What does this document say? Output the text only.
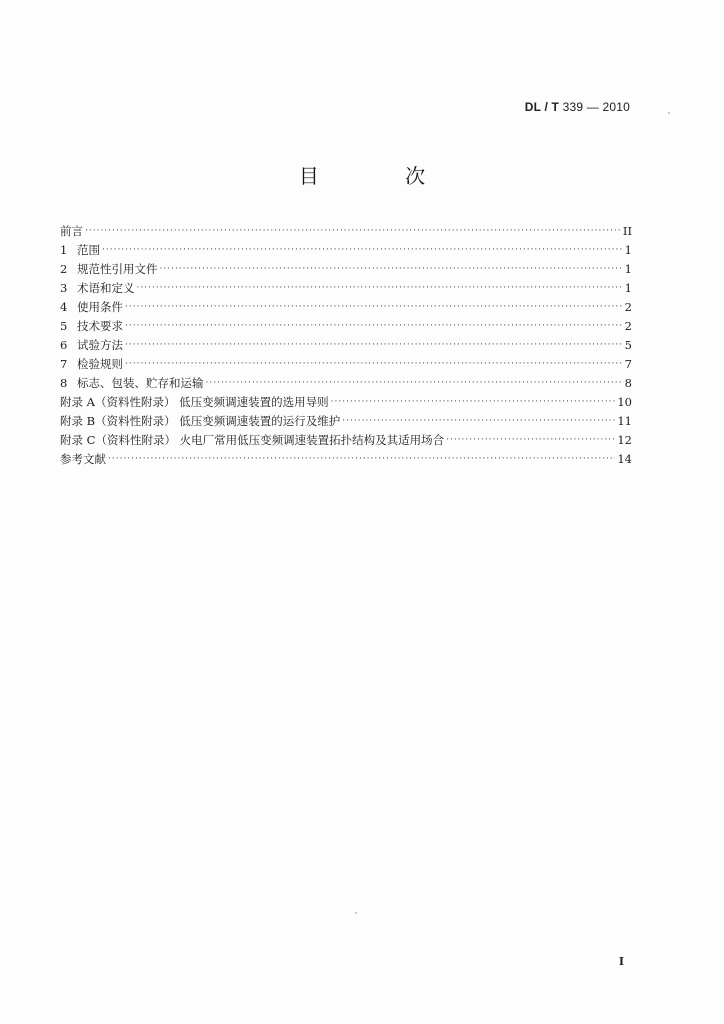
DL / T 339 — 2010
目 次
前言 ·····	II
1 范围 ·····	1
2 规范性引用文件 ·····	1
3 术语和定义 ·····	1
4 使用条件 ·····	2
5 技术要求 ·····	2
6 试验方法 ·····	5
7 检验规则 ·····	7
8 标志、包装、贮存和运输 ·····	8
附录 A（资料性附录） 低压变频调速装置的选用导则 ·····	10
附录 B（资料性附录） 低压变频调速装置的运行及维护 ·····	11
附录 C（资料性附录） 火电厂常用低压变频调速装置拓扑结构及其适用场合 ·····	12
参考文献 ·····	14
I
